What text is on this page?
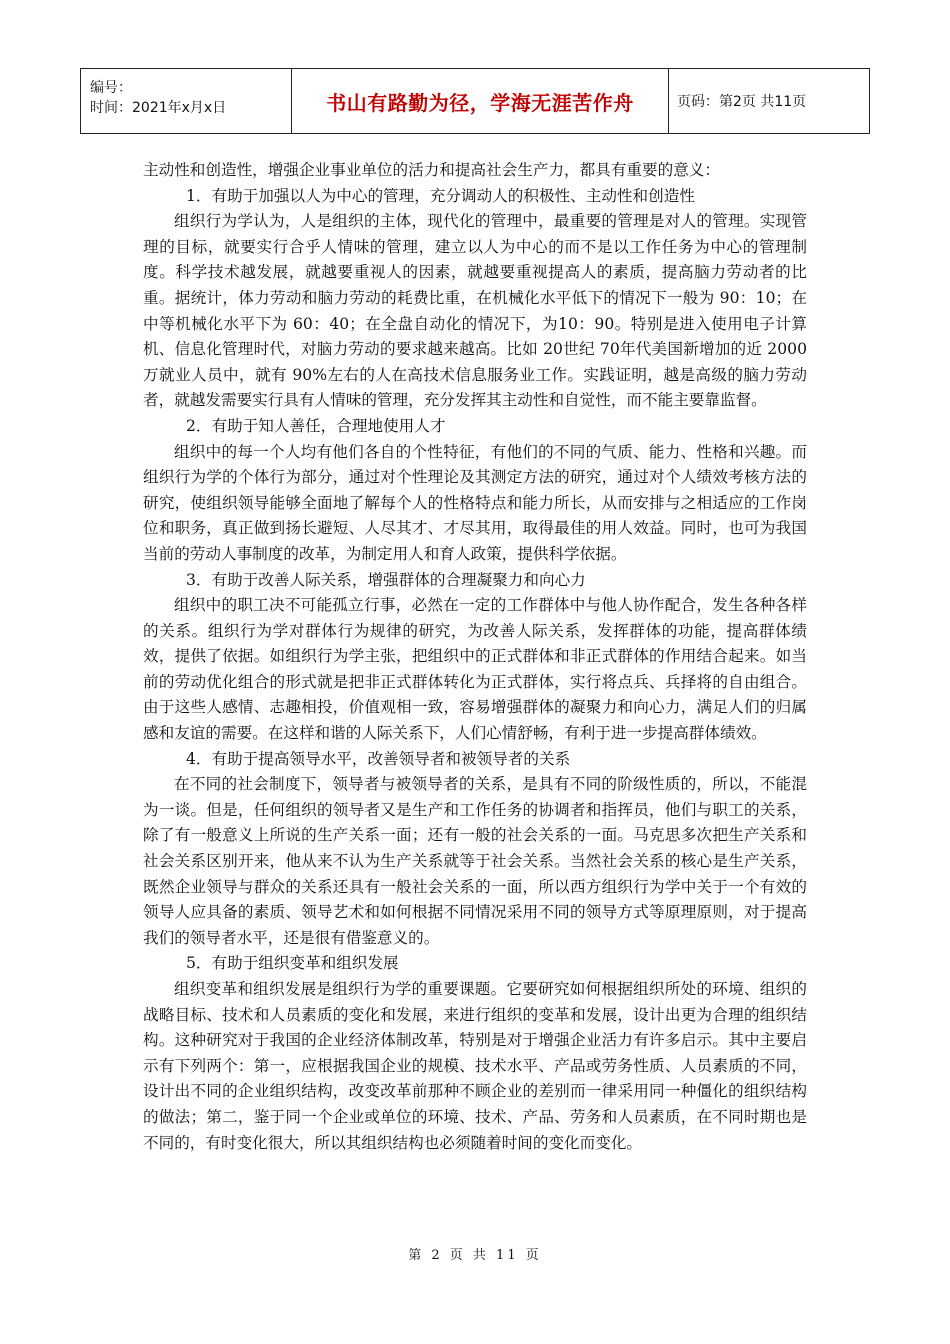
编号：
时间：2021年x月x日	书山有路勤为径，学海无涯苦作舟	页码：第2页 共11页

主动性和创造性，增强企业事业单位的活力和提高社会生产力，都具有重要的意义：

1．有助于加强以人为中心的管理，充分调动人的积极性、主动性和创造性

组织行为学认为，人是组织的主体，现代化的管理中，最重要的管理是对人的管理。实现管理的目标，就要实行合乎人情味的管理，建立以人为中心的而不是以工作任务为中心的管理制度。科学技术越发展，就越要重视人的因素，就越要重视提高人的素质，提高脑力劳动者的比重。据统计，体力劳动和脑力劳动的耗费比重，在机械化水平低下的情况下一般为 90：10；在中等机械化水平下为 60：40；在全盘自动化的情况下，为10：90。特别是进入使用电子计算机、信息化管理时代，对脑力劳动的要求越来越高。比如 20世纪 70年代美国新增加的近 2000万就业人员中，就有 90%左右的人在高技术信息服务业工作。实践证明，越是高级的脑力劳动者，就越发需要实行具有人情味的管理，充分发挥其主动性和自觉性，而不能主要靠监督。

2．有助于知人善任，合理地使用人才

组织中的每一个人均有他们各自的个性特征，有他们的不同的气质、能力、性格和兴趣。而组织行为学的个体行为部分，通过对个性理论及其测定方法的研究，通过对个人绩效考核方法的研究，使组织领导能够全面地了解每个人的性格特点和能力所长，从而安排与之相适应的工作岗位和职务，真正做到扬长避短、人尽其才、才尽其用，取得最佳的用人效益。同时，也可为我国当前的劳动人事制度的改革，为制定用人和育人政策，提供科学依据。

3．有助于改善人际关系，增强群体的合理凝聚力和向心力

组织中的职工决不可能孤立行事，必然在一定的工作群体中与他人协作配合，发生各种各样的关系。组织行为学对群体行为规律的研究，为改善人际关系，发挥群体的功能，提高群体绩效，提供了依据。如组织行为学主张，把组织中的正式群体和非正式群体的作用结合起来。如当前的劳动优化组合的形式就是把非正式群体转化为正式群体，实行将点兵、兵择将的自由组合。由于这些人感情、志趣相投，价值观相一致，容易增强群体的凝聚力和向心力，满足人们的归属感和友谊的需要。在这样和谐的人际关系下，人们心情舒畅，有利于进一步提高群体绩效。

4．有助于提高领导水平，改善领导者和被领导者的关系

在不同的社会制度下，领导者与被领导者的关系，是具有不同的阶级性质的，所以，不能混为一谈。但是，任何组织的领导者又是生产和工作任务的协调者和指挥员，他们与职工的关系，除了有一般意义上所说的生产关系一面；还有一般的社会关系的一面。马克思多次把生产关系和社会关系区别开来，他从来不认为生产关系就等于社会关系。当然社会关系的核心是生产关系，既然企业领导与群众的关系还具有一般社会关系的一面，所以西方组织行为学中关于一个有效的领导人应具备的素质、领导艺术和如何根据不同情况采用不同的领导方式等原理原则，对于提高我们的领导者水平，还是很有借鉴意义的。

5．有助于组织变革和组织发展

组织变革和组织发展是组织行为学的重要课题。它要研究如何根据组织所处的环境、组织的战略目标、技术和人员素质的变化和发展，来进行组织的变革和发展，设计出更为合理的组织结构。这种研究对于我国的企业经济体制改革，特别是对于增强企业活力有许多启示。其中主要启示有下列两个：第一，应根据我国企业的规模、技术水平、产品或劳务性质、人员素质的不同，设计出不同的企业组织结构，改变改革前那种不顾企业的差别而一律采用同一种僵化的组织结构的做法；第二，鉴于同一个企业或单位的环境、技术、产品、劳务和人员素质，在不同时期也是不同的，有时变化很大，所以其组织结构也必须随着时间的变化而变化。

第 2 页 共 11 页
